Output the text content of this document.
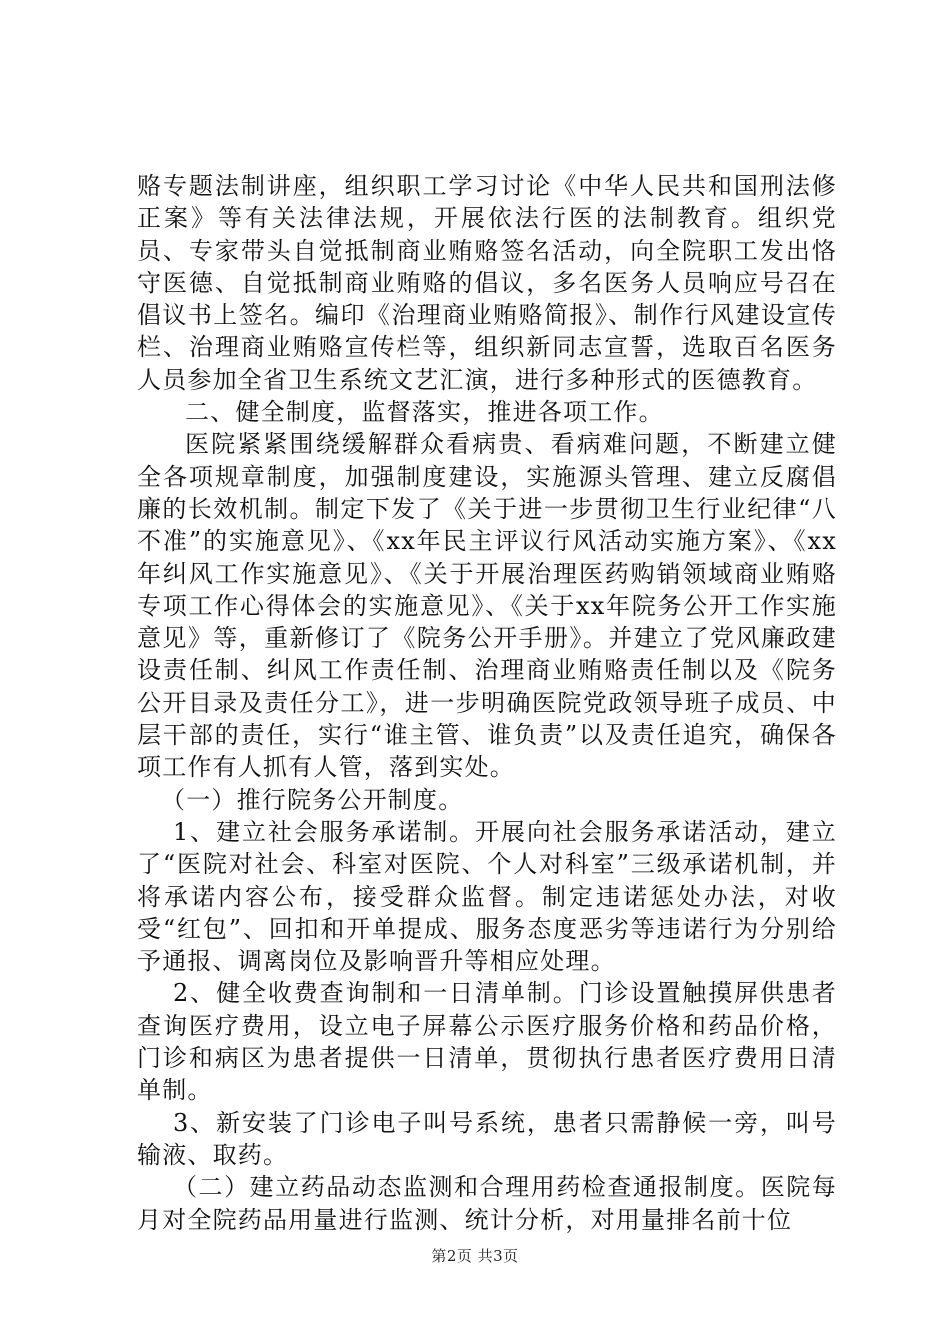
赂专题法制讲座，组织职工学习讨论《中华人民共和国刑法修正案》等有关法律法规，开展依法行医的法制教育。组织党员、专家带头自觉抵制商业贿赂签名活动，向全院职工发出恪守医德、自觉抵制商业贿赂的倡议，多名医务人员响应号召在倡议书上签名。编印《治理商业贿赂简报》、制作行风建设宣传栏、治理商业贿赂宣传栏等，组织新同志宣誓，选取百名医务人员参加全省卫生系统文艺汇演，进行多种形式的医德教育。

二、健全制度，监督落实，推进各项工作。

医院紧紧围绕缓解群众看病贵、看病难问题，不断建立健全各项规章制度，加强制度建设，实施源头管理、建立反腐倡廉的长效机制。制定下发了《关于进一步贯彻卫生行业纪律“八不准”的实施意见》、《xx年民主评议行风活动实施方案》、《xx年纠风工作实施意见》、《关于开展治理医药购销领域商业贿赂专项工作心得体会的实施意见》、《关于xx年院务公开工作实施意见》等，重新修订了《院务公开手册》。并建立了党风廉政建设责任制、纠风工作责任制、治理商业贿赂责任制以及《院务公开目录及责任分工》，进一步明确医院党政领导班子成员、中层干部的责任，实行“谁主管、谁负责”以及责任追究，确保各项工作有人抓有人管，落到实处。

（一）推行院务公开制度。

1、建立社会服务承诺制。开展向社会服务承诺活动，建立了“医院对社会、科室对医院、个人对科室”三级承诺机制，并将承诺内容公布，接受群众监督。制定违诺惩处办法，对收受“红包”、回扣和开单提成、服务态度恶劣等违诺行为分别给予通报、调离岗位及影响晋升等相应处理。

2、健全收费查询制和一日清单制。门诊设置触摸屏供患者查询医疗费用，设立电子屏幕公示医疗服务价格和药品价格，门诊和病区为患者提供一日清单，贯彻执行患者医疗费用日清单制。

3、新安装了门诊电子叫号系统，患者只需静候一旁，叫号输液、取药。

（二）建立药品动态监测和合理用药检查通报制度。医院每月对全院药品用量进行监测、统计分析，对用量排名前十位

第2页 共3页
